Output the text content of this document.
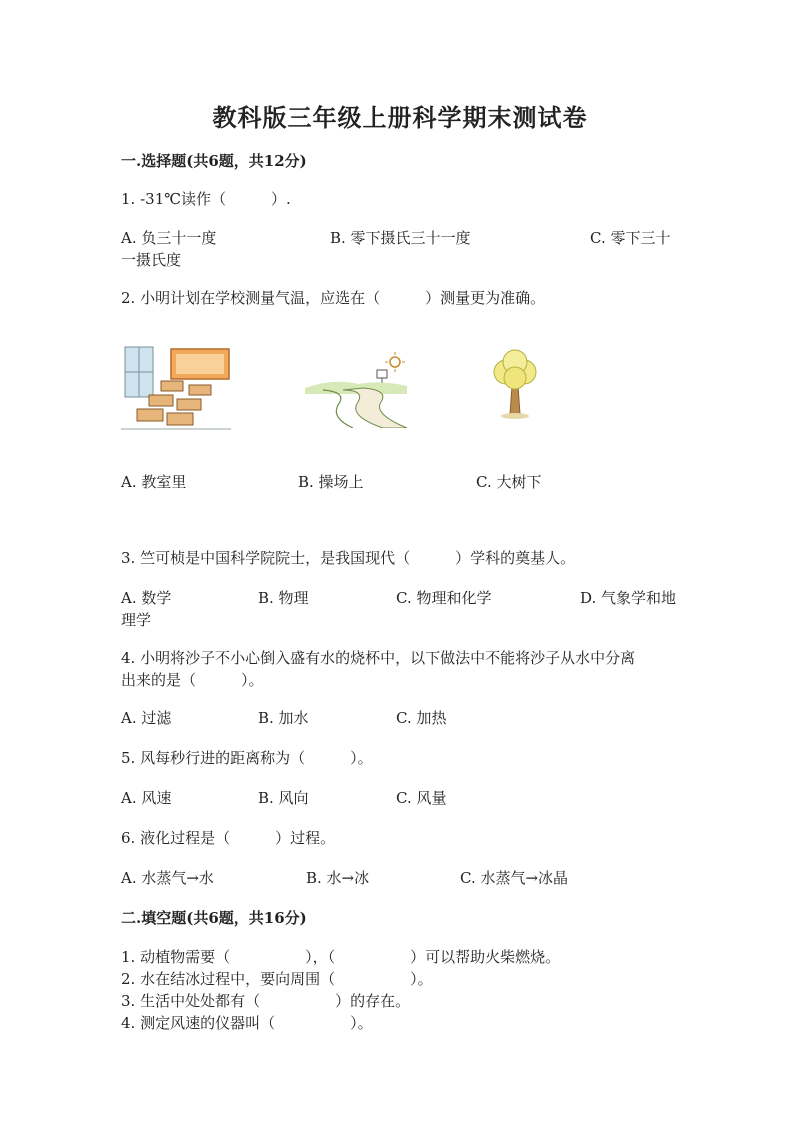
教科版三年级上册科学期末测试卷
一.选择题(共6题，共12分)
1. -31℃读作（　　　）.
A. 负三十一度	B. 零下摄氏三十一度	C. 零下三十
一摄氏度
2. 小明计划在学校测量气温，应选在（　　　）测量更为准确。
A. 教室里	B. 操场上	C. 大树下
3. 竺可桢是中国科学院院士，是我国现代（　　　）学科的奠基人。
A. 数学	B. 物理	C. 物理和化学	D. 气象学和地
理学
4. 小明将沙子不小心倒入盛有水的烧杯中，以下做法中不能将沙子从水中分离
出来的是（　　　）。
A. 过滤	B. 加水	C. 加热
5. 风每秒行进的距离称为（　　　）。
A. 风速	B. 风向	C. 风量
6. 液化过程是（　　　）过程。
A. 水蒸气→水	B. 水→冰	C. 水蒸气→冰晶
二.填空题(共6题，共16分)
1. 动植物需要（　　　　　），（　　　　　）可以帮助火柴燃烧。
2. 水在结冰过程中，要向周围（　　　　　）。
3. 生活中处处都有（　　　　　）的存在。
4. 测定风速的仪器叫（　　　　　）。
